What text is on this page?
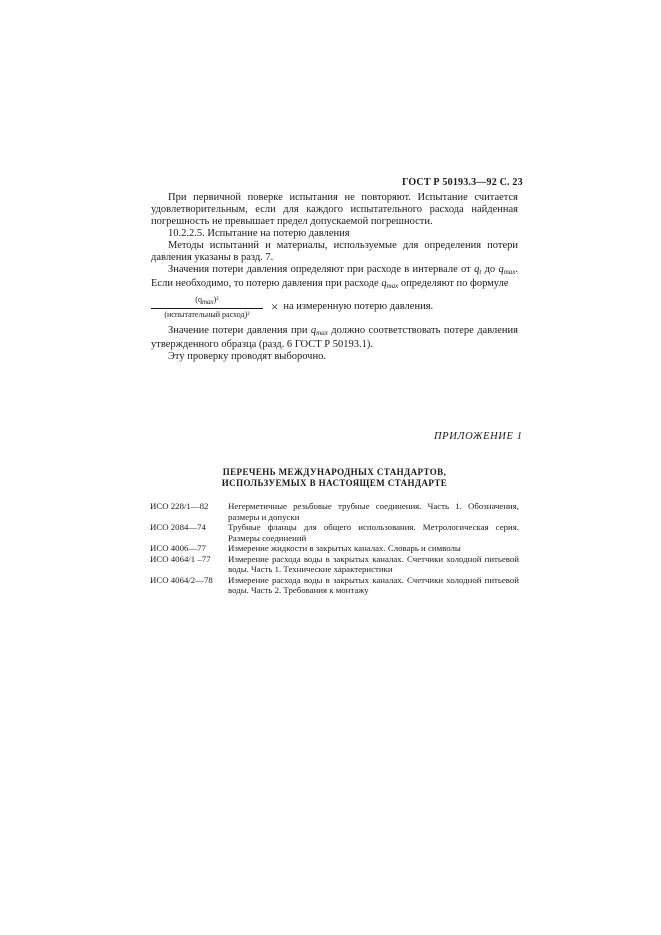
ГОСТ Р 50193.3—92 С. 23

При первичной поверке испытания не повторяют. Испытание считается удовлетворительным, если для каждого испытательного расхода найденная погрешность не превышает предел допускаемой погрешности.

10.2.2.5. Испытание на потерю давления

Методы испытаний и материалы, используемые для определения потери давления указаны в разд. 7.

Значения потери давления определяют при расходе в интервале от $q_t$ до $q_{max}$. Если необходимо, то потерю давления при расходе $q_{max}$ определяют по формуле

$\frac{\text{(qmax)²}}{\text{(испытательный расход)²}}$ × на измеренную потерю давления.

Значение потери давления при $q_{max}$ должно соответствовать потере давления утвержденного образца (разд. 6 ГОСТ Р 50193.1).

Эту проверку проводят выборочно.

ПРИЛОЖЕНИЕ 1
ПЕРЕЧЕНЬ МЕЖДУНАРОДНЫХ СТАНДАРТОВ,
ИСПОЛЬЗУЕМЫХ В НАСТОЯЩЕМ СТАНДАРТЕ
ИСО 228/1—82	Негерметичные резьбовые трубные соединения. Часть 1. Обозначения, размеры и допуски
ИСО 2084—74	Трубные фланцы для общего использования. Метрологическая серия. Размеры соединений
ИСО 4006—77	Измерение жидкости в закрытых каналах. Словарь и символы
ИСО 4064/1 –77	Измерение расхода воды в закрытых каналах. Счетчики холодной питьевой воды. Часть 1. Технические характеристики
ИСО 4064/2—78	Измерение расхода воды в закрытых каналах. Счетчики холодной питьевой воды. Часть 2. Требования к монтажу
